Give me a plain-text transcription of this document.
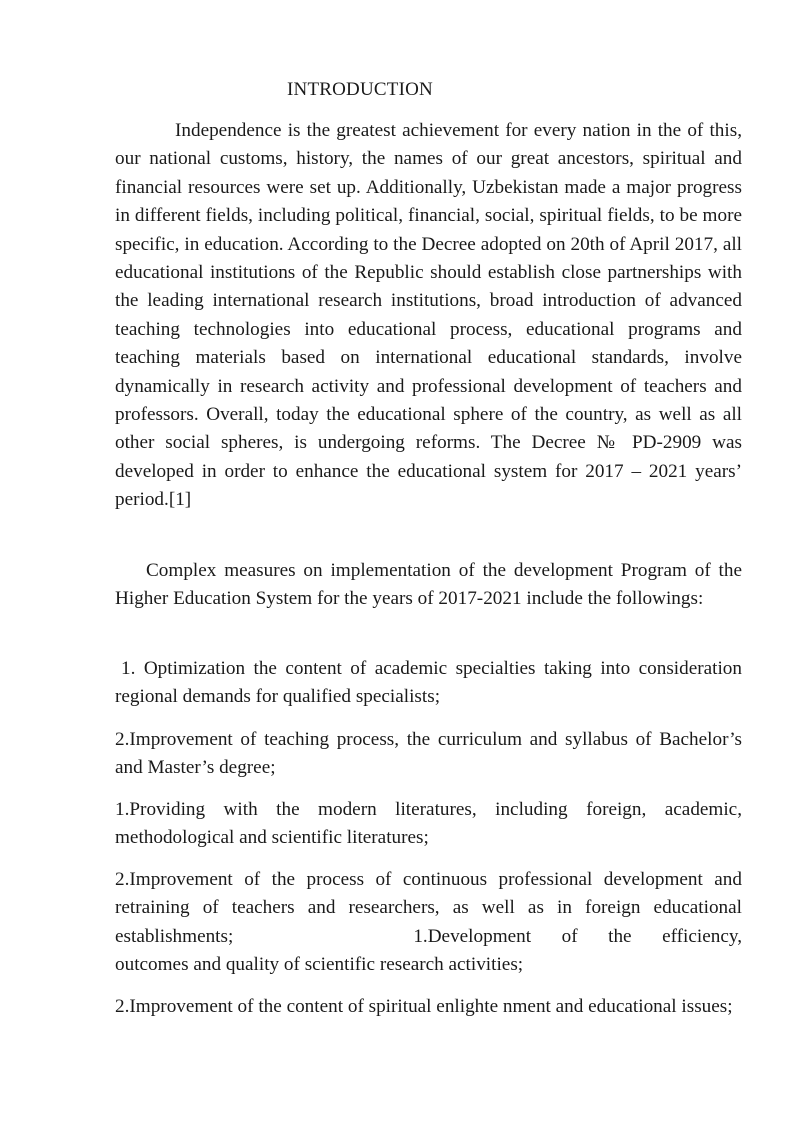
INTRODUCTION

Independence is the greatest achievement for every nation in the of this, our national customs, history, the names of our great ancestors, spiritual and financial resources were set up. Additionally, Uzbekistan made a major progress in different fields, including political, financial, social, spiritual fields, to be more specific, in education. According to the Decree adopted on 20th of April 2017, all educational institutions of the Republic should establish close partnerships with the leading international research institutions, broad introduction of advanced teaching technologies into educational process, educational programs and teaching materials based on international educational standards, involve dynamically in research activity and professional development of teachers and professors. Overall, today the educational sphere of the country, as well as all other social spheres, is undergoing reforms. The Decree № PD-2909 was developed in order to enhance the educational system for 2017 – 2021 years’ period.[1]

Complex measures on implementation of the development Program of the Higher Education System for the years of 2017-2021 include the followings:

1. Optimization the content of academic specialties taking into consideration regional demands for qualified specialists;

2.Improvement of teaching process, the curriculum and syllabus of Bachelor’s and Master’s degree;

1.Providing with the modern literatures, including foreign, academic, methodological and scientific literatures;

2.Improvement of the process of continuous professional development and retraining of teachers and researchers, as well as in foreign educational establishments;	1.Development of the efficiency, outcomes and quality of scientific research activities;

2.Improvement of the content of spiritual enlighte nment and educational issues;
